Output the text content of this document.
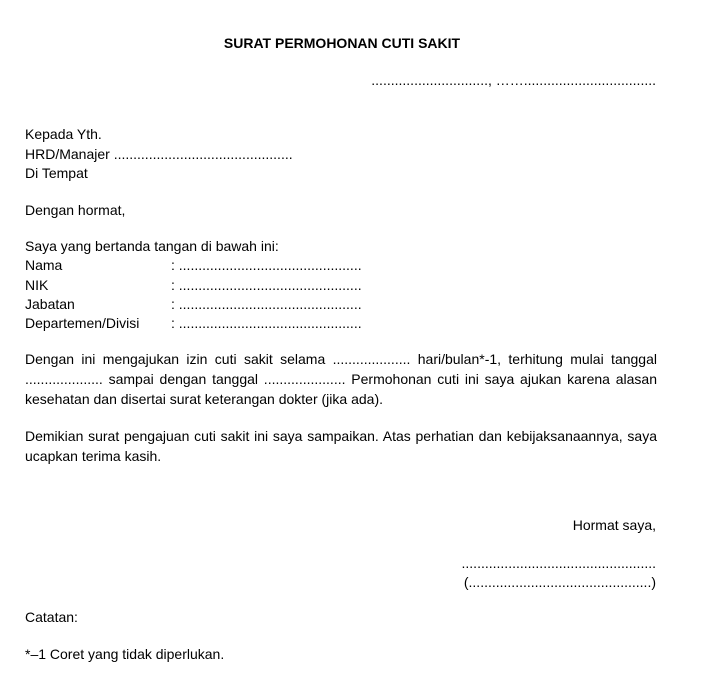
SURAT PERMOHONAN CUTI SAKIT
.............................., ……..................................
Kepada Yth.
HRD/Manajer ..............................................
Di Tempat
Dengan hormat,
Saya yang bertanda tangan di bawah ini:
Nama	: ...............................................
NIK	: ...............................................
Jabatan	: ...............................................
Departemen/Divisi : ...............................................
Dengan ini mengajukan izin cuti sakit selama .................... hari/bulan*-1, terhitung mulai tanggal .................... sampai dengan tanggal ..................... Permohonan cuti ini saya ajukan karena alasan kesehatan dan disertai surat keterangan dokter (jika ada).
Demikian surat pengajuan cuti sakit ini saya sampaikan. Atas perhatian dan kebijaksanaannya, saya ucapkan terima kasih.
Hormat saya,
..................................................
(...............................................)
Catatan:
*–1 Coret yang tidak diperlukan.
